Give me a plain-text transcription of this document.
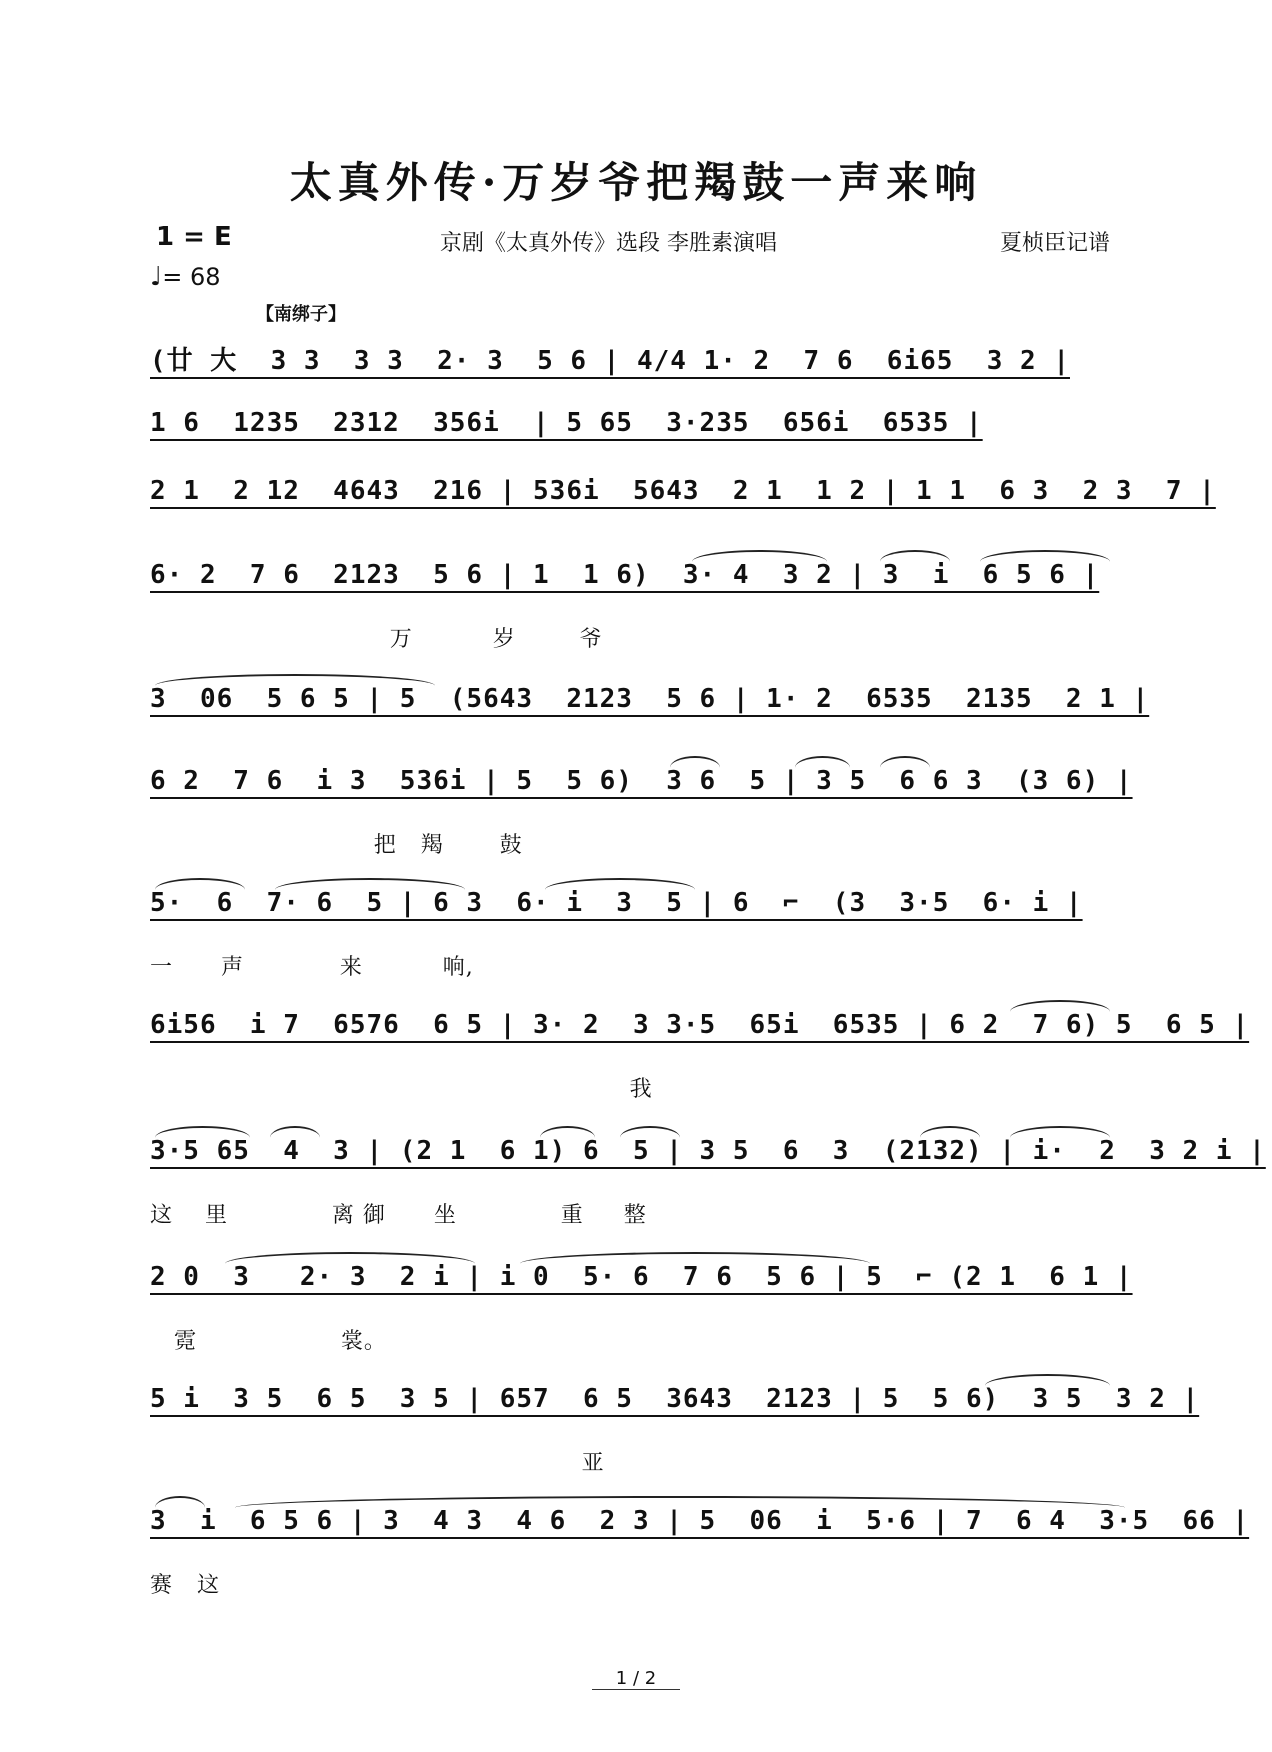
太真外传·万岁爷把羯鼓一声来响
1 = E
♩= 68
京剧《太真外传》选段 李胜素演唱	夏桢臣记谱
【南绑子】
(廿 大  3 3  3 3  2· 3  5 6 | 4/4 1· 2  7 6  6i65  3 2 |
1 6  1235  2312  356i  | 5 65  3·235  656i  6535 |
2 1  2 12  4643  216 | 536i  5643  2 1  1 2 | 1 1  6 3  2 3  7 |
6· 2  7 6  2123  5 6 | 1  1 6)  3· 4  3 2 | 3  i  6 5 6 |
万          岁        爷
3  06  5 6 5 | 5  (5643  2123  5 6 | 1· 2  6535  2135  2 1 |
6 2  7 6  i 3  536i | 5  5 6)  3 6  5 | 3 5  6 6 3  (3 6) |
把   羯       鼓
5·  6  7· 6  5 | 6 3  6· i  3  5 | 6  ⌐  (3  3·5  6· i |
一      声            来          响,
6i56  i 7  6576  6 5 | 3· 2  3 3·5  65i  6535 | 6 2  7 6) 5  6 5 |
我
3·5 65  4  3 | (2 1  6 1) 6  5 | 3 5  6  3  (2132) | i·  2  3 2 i |
这    里             离 御      坐             重     整
2 0  3   2· 3  2 i | i 0  5· 6  7 6  5 6 | 5  ⌐ (2 1  6 1 |
霓                  裳。
5 i  3 5  6 5  3 5 | 657  6 5  3643  2123 | 5  5 6)  3 5  3 2 |
亚
3  i  6 5 6 | 3  4 3  4 6  2 3 | 5  06  i  5·6 | 7  6 4  3·5  66 |
赛   这
1 / 2
